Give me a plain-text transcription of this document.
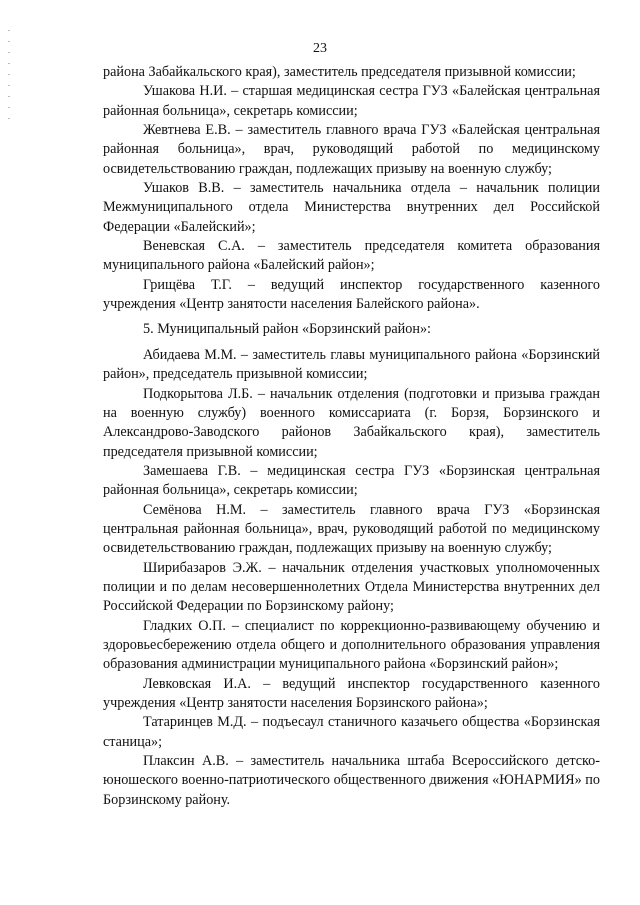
23

района Забайкальского края), заместитель председателя призывной комиссии;

Ушакова Н.И. – старшая медицинская сестра ГУЗ «Балейская центральная районная больница», секретарь комиссии;

Жевтнева Е.В. – заместитель главного врача ГУЗ «Балейская центральная районная больница», врач, руководящий работой по медицинскому освидетельствованию граждан, подлежащих призыву на военную службу;

Ушаков В.В. – заместитель начальника отдела – начальник полиции Межмуниципального отдела Министерства внутренних дел Российской Федерации «Балейский»;

Веневская С.А. – заместитель председателя комитета образования муниципального района «Балейский район»;

Грищёва Т.Г. – ведущий инспектор государственного казенного учреждения «Центр занятости населения Балейского района».

5. Муниципальный район «Борзинский район»:

Абидаева М.М. – заместитель главы муниципального района «Борзинский район», председатель призывной комиссии;

Подкорытова Л.Б. – начальник отделения (подготовки и призыва граждан на военную службу) военного комиссариата (г. Борзя, Борзинского и Александрово-Заводского районов Забайкальского края), заместитель председателя призывной комиссии;

Замешаева Г.В. – медицинская сестра ГУЗ «Борзинская центральная районная больница», секретарь комиссии;

Семёнова Н.М. – заместитель главного врача ГУЗ «Борзинская центральная районная больница», врач, руководящий работой по медицинскому освидетельствованию граждан, подлежащих призыву на военную службу;

Ширибазаров Э.Ж. – начальник отделения участковых уполномоченных полиции и по делам несовершеннолетних Отдела Министерства внутренних дел Российской Федерации по Борзинскому району;

Гладких О.П. – специалист по коррекционно-развивающему обучению и здоровьесбережению отдела общего и дополнительного образования управления образования администрации муниципального района «Борзинский район»;

Левковская И.А. – ведущий инспектор государственного казенного учреждения «Центр занятости населения Борзинского района»;

Татаринцев М.Д. – подъесаул станичного казачьего общества «Борзинская станица»;

Плаксин А.В. – заместитель начальника штаба Всероссийского детско-юношеского военно-патриотического общественного движения «ЮНАРМИЯ» по Борзинскому району.
